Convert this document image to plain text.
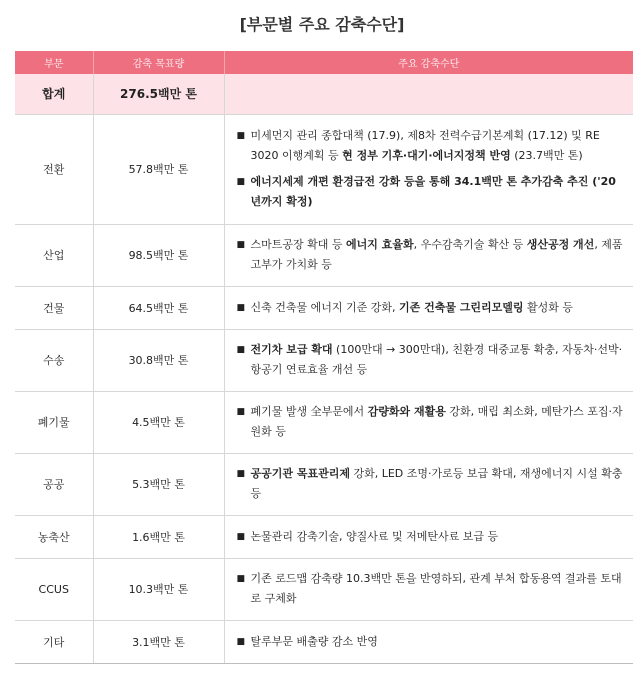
[부문별 주요 감축수단]
부문	감축 목표량	주요 감축수단
합계	276.5백만 톤	
전환	57.8백만 톤	■ 미세먼지 관리 종합대책 (17.9), 제8차 전력수급기본계획 (17.12) 및 RE 3020 이행계획 등 현 정부 기후·대기·에너지정책 반영 (23.7백만 톤)
■ 에너지세제 개편 환경급전 강화 등을 통해 34.1백만 톤 추가감축 추진 ('20년까지 확정)

산업	98.5백만 톤	■ 스마트공장 확대 등 에너지 효율화, 우수감축기술 확산 등 생산공정 개선, 제품 고부가 가치화 등

건물	64.5백만 톤	■ 신축 건축물 에너지 기준 강화, 기존 건축물 그린리모델링 활성화 등

수송	30.8백만 톤	■ 전기차 보급 확대 (100만대 → 300만대), 친환경 대중교통 확충, 자동차·선박·항공기 연료효율 개선 등

폐기물	4.5백만 톤	■ 폐기물 발생 全부문에서 감량화와 재활용 강화, 매립 최소화, 메탄가스 포집·자원화 등

공공	5.3백만 톤	■ 공공기관 목표관리제 강화, LED 조명·가로등 보급 확대, 재생에너지 시설 확충 등

농축산	1.6백만 톤	■ 논물관리 감축기술, 양질사료 및 저메탄사료 보급 등

CCUS	10.3백만 톤	■ 기존 로드맵 감축량 10.3백만 톤을 반영하되, 관계 부처 합동용역 결과를 토대로 구체화

기타	3.1백만 톤	■ 탈루부문 배출량 감소 반영
